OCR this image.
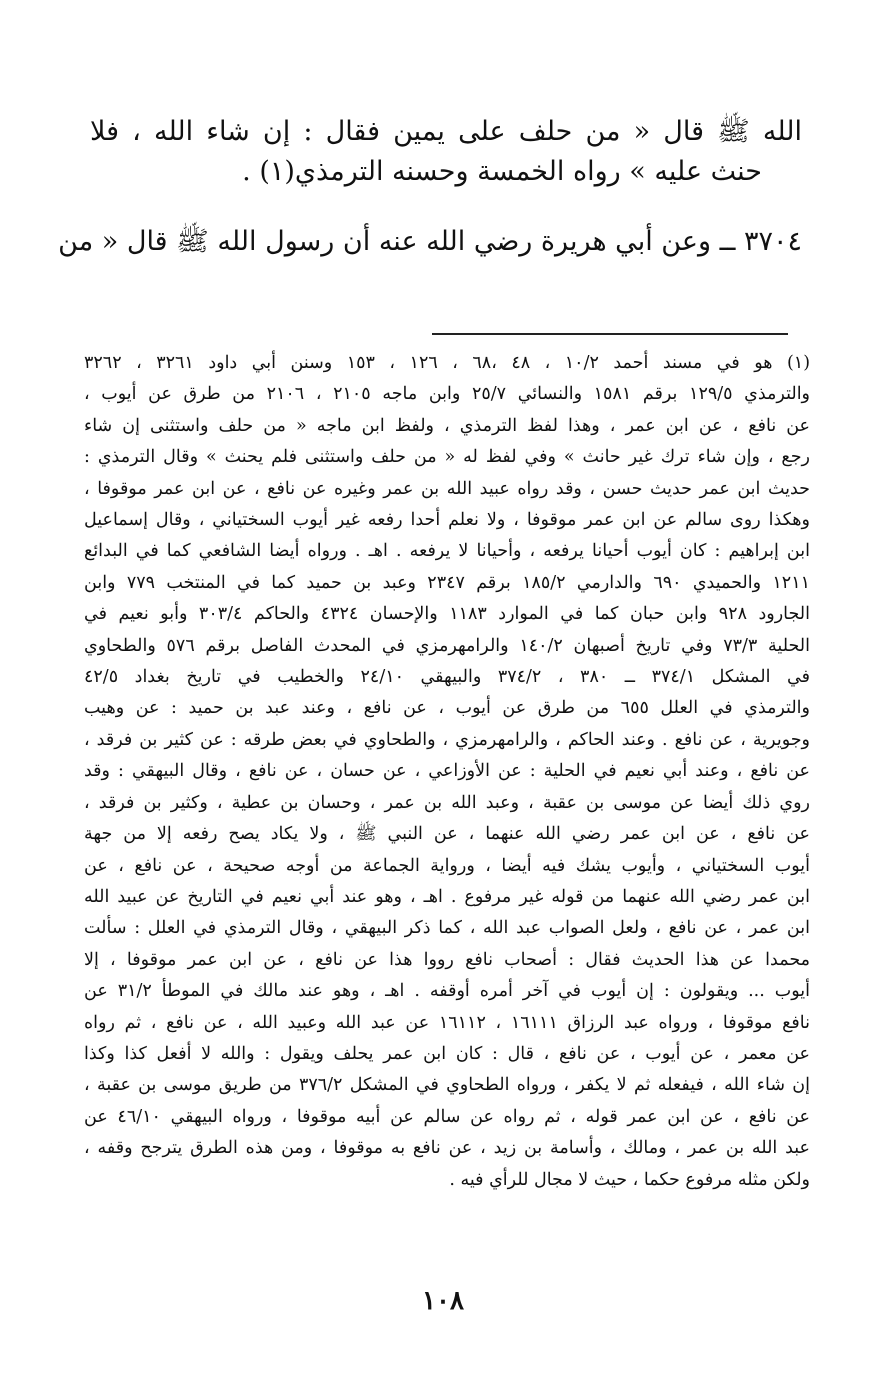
الله ﷺ قال « من حلف على يمين فقال : إن شاء الله ، فلا
حنث عليه » رواه الخمسة وحسنه الترمذي(١) .
٣٧٠٤ ــ وعن أبي هريرة رضي الله عنه أن رسول الله ﷺ قال « من
(١) هو في مسند أحمد ١٠/٢ ، ٤٨ ،٦٨ ، ١٢٦ ، ١٥٣ وسنن أبي داود ٣٢٦١ ، ٣٢٦٢
والترمذي ١٢٩/٥ برقم ١٥٨١ والنسائي ٢٥/٧ وابن ماجه ٢١٠٥ ، ٢١٠٦ من طرق عن أيوب ،
عن نافع ، عن ابن عمر ، وهذا لفظ الترمذي ، ولفظ ابن ماجه « من حلف واستثنى إن شاء
رجع ، وإن شاء ترك غير حانث » وفي لفظ له « من حلف واستثنى فلم يحنث » وقال الترمذي :
حديث ابن عمر حديث حسن ، وقد رواه عبيد الله بن عمر وغيره عن نافع ، عن ابن عمر موقوفا ،
وهكذا روى سالم عن ابن عمر موقوفا ، ولا نعلم أحدا رفعه غير أيوب السختياني ، وقال إسماعيل
ابن إبراهيم : كان أيوب أحيانا يرفعه ، وأحيانا لا يرفعه . اهـ . ورواه أيضا الشافعي كما في البدائع
١٢١١ والحميدي ٦٩٠ والدارمي ١٨٥/٢ برقم ٢٣٤٧ وعبد بن حميد كما في المنتخب ٧٧٩ وابن
الجارود ٩٢٨ وابن حبان كما في الموارد ١١٨٣ والإحسان ٤٣٢٤ والحاكم ٣٠٣/٤ وأبو نعيم في
الحلية ٧٣/٣ وفي تاريخ أصبهان ١٤٠/٢ والرامهرمزي في المحدث الفاصل برقم ٥٧٦ والطحاوي
في المشكل ٣٧٤/١ ــ ٣٨٠ ، ٣٧٤/٢ والبيهقي ٢٤/١٠ والخطيب في تاريخ بغداد ٤٢/٥
والترمذي في العلل ٦٥٥ من طرق عن أيوب ، عن نافع ، وعند عبد بن حميد : عن وهيب
وجويرية ، عن نافع . وعند الحاكم ، والرامهرمزي ، والطحاوي في بعض طرقه : عن كثير بن فرقد ،
عن نافع ، وعند أبي نعيم في الحلية : عن الأوزاعي ، عن حسان ، عن نافع ، وقال البيهقي : وقد
روي ذلك أيضا عن موسى بن عقبة ، وعبد الله بن عمر ، وحسان بن عطية ، وكثير بن فرقد ،
عن نافع ، عن ابن عمر رضي الله عنهما ، عن النبي ﷺ ، ولا يكاد يصح رفعه إلا من جهة
أيوب السختياني ، وأيوب يشك فيه أيضا ، ورواية الجماعة من أوجه صحيحة ، عن نافع ، عن
ابن عمر رضي الله عنهما من قوله غير مرفوع . اهـ ، وهو عند أبي نعيم في التاريخ عن عبيد الله
ابن عمر ، عن نافع ، ولعل الصواب عبد الله ، كما ذكر البيهقي ، وقال الترمذي في العلل : سألت
محمدا عن هذا الحديث فقال : أصحاب نافع رووا هذا عن نافع ، عن ابن عمر موقوفا ، إلا
أيوب ... ويقولون : إن أيوب في آخر أمره أوقفه . اهـ ، وهو عند مالك في الموطأ ٣١/٢ عن
نافع موقوفا ، ورواه عبد الرزاق ١٦١١١ ، ١٦١١٢ عن عبد الله وعبيد الله ، عن نافع ، ثم رواه
عن معمر ، عن أيوب ، عن نافع ، قال : كان ابن عمر يحلف ويقول : والله لا أفعل كذا وكذا
إن شاء الله ، فيفعله ثم لا يكفر ، ورواه الطحاوي في المشكل ٣٧٦/٢ من طريق موسى بن عقبة ،
عن نافع ، عن ابن عمر قوله ، ثم رواه عن سالم عن أبيه موقوفا ، ورواه البيهقي ٤٦/١٠ عن
عبد الله بن عمر ، ومالك ، وأسامة بن زيد ، عن نافع به موقوفا ، ومن هذه الطرق يترجح وقفه ،
ولكن مثله مرفوع حكما ، حيث لا مجال للرأي فيه .
١٠٨
